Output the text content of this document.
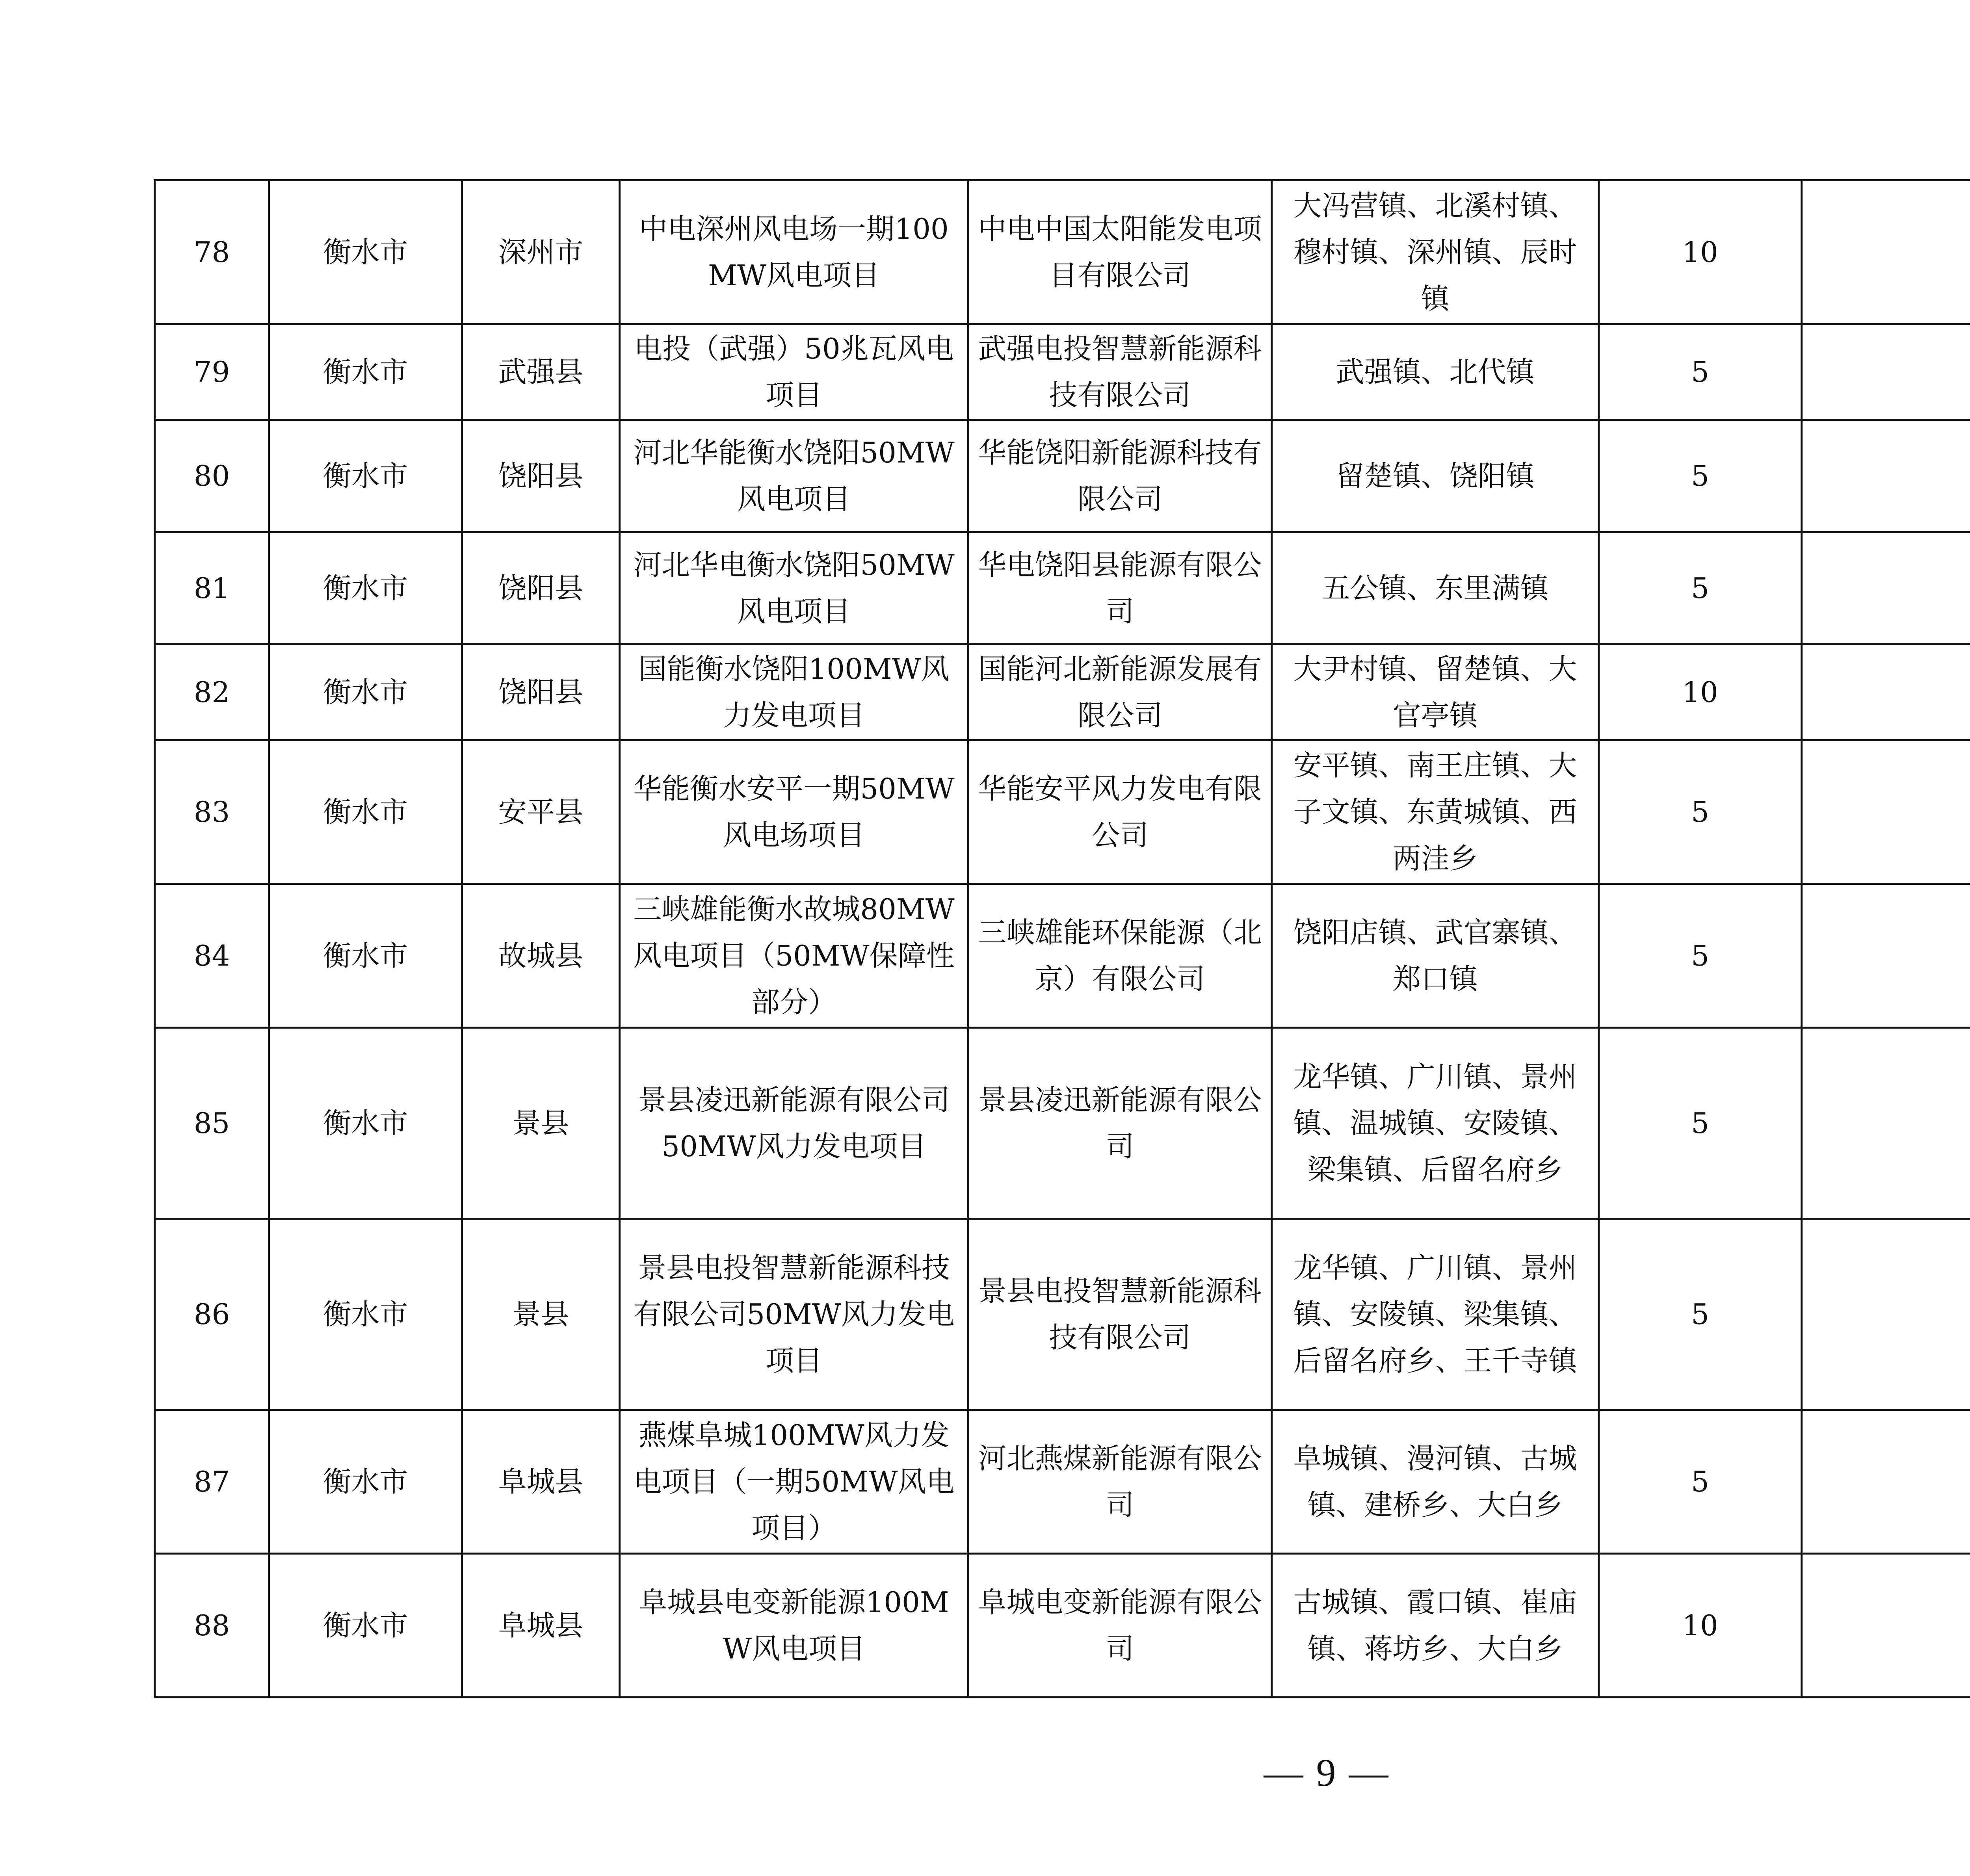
78	衡水市	深州市	中电深州风电场一期100MW风电项目	中电中国太阳能发电项目有限公司	大冯营镇、北溪村镇、穆村镇、深州镇、辰时镇	10			
79	衡水市	武强县	电投（武强）50兆瓦风电项目	武强电投智慧新能源科技有限公司	武强镇、北代镇	5			
80	衡水市	饶阳县	河北华能衡水饶阳50MW风电项目	华能饶阳新能源科技有限公司	留楚镇、饶阳镇	5			
81	衡水市	饶阳县	河北华电衡水饶阳50MW风电项目	华电饶阳县能源有限公司	五公镇、东里满镇	5			
82	衡水市	饶阳县	国能衡水饶阳100MW风力发电项目	国能河北新能源发展有限公司	大尹村镇、留楚镇、大官亭镇	10			
83	衡水市	安平县	华能衡水安平一期50MW风电场项目	华能安平风力发电有限公司	安平镇、南王庄镇、大子文镇、东黄城镇、西两洼乡	5			
84	衡水市	故城县	三峡雄能衡水故城80MW风电项目（50MW保障性部分）	三峡雄能环保能源（北京）有限公司	饶阳店镇、武官寨镇、郑口镇	5			
85	衡水市	景县	景县凌迅新能源有限公司50MW风力发电项目	景县凌迅新能源有限公司	龙华镇、广川镇、景州镇、温城镇、安陵镇、梁集镇、后留名府乡	5			
86	衡水市	景县	景县电投智慧新能源科技有限公司50MW风力发电项目	景县电投智慧新能源科技有限公司	龙华镇、广川镇、景州镇、安陵镇、梁集镇、后留名府乡、王千寺镇	5			
87	衡水市	阜城县	燕煤阜城100MW风力发电项目（一期50MW风电项目）	河北燕煤新能源有限公司	阜城镇、漫河镇、古城镇、建桥乡、大白乡	5			
88	衡水市	阜城县	阜城县电变新能源100MW风电项目	阜城电变新能源有限公司	古城镇、霞口镇、崔庙镇、蒋坊乡、大白乡	10			
— 9 —
